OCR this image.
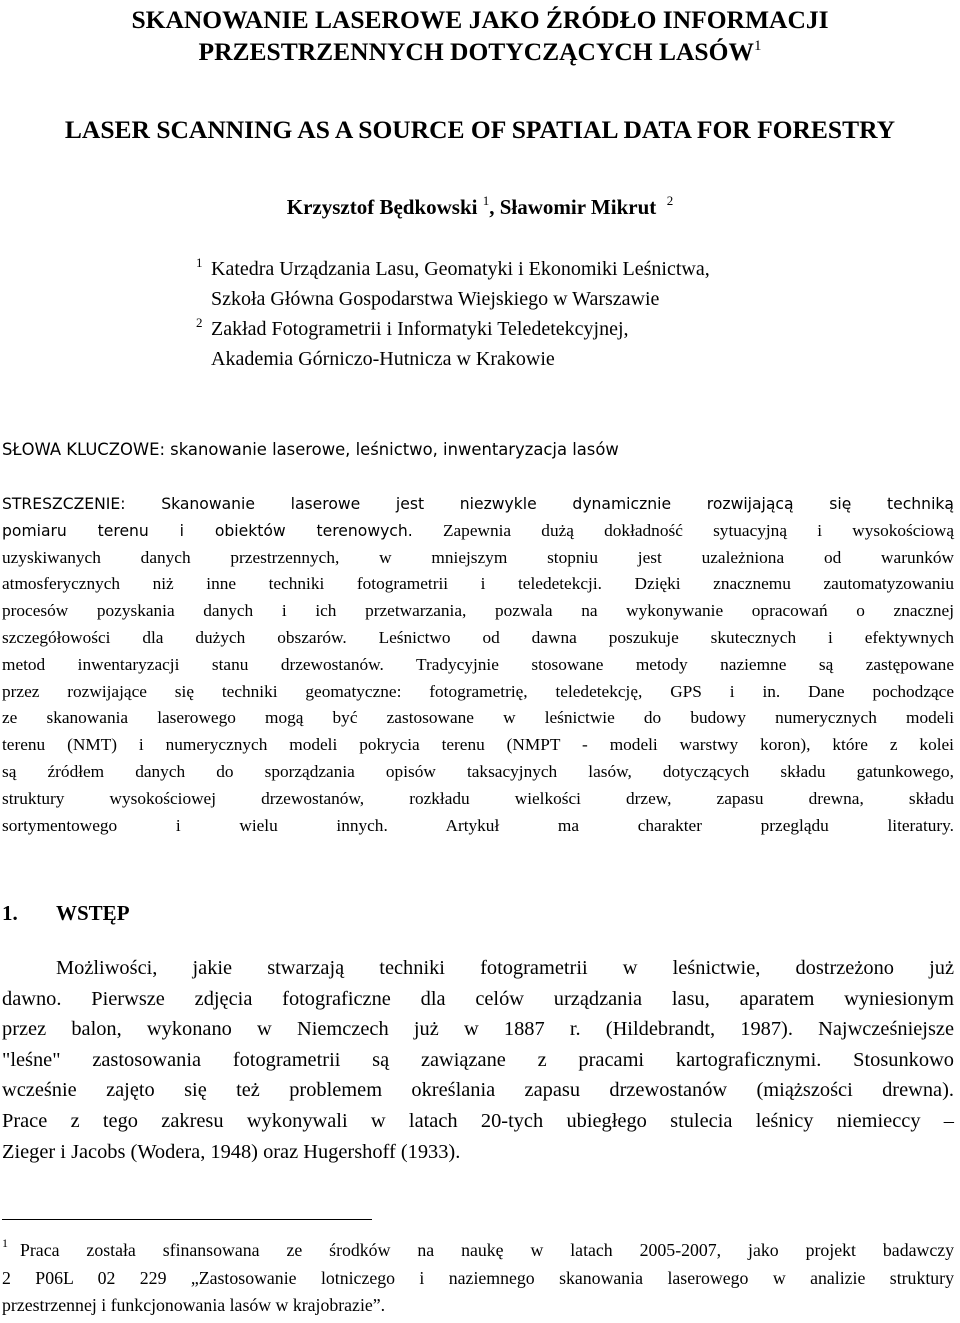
SKANOWANIE LASEROWE JAKO ŹRÓDŁO INFORMACJI
PRZESTRZENNYCH DOTYCZĄCYCH LASÓW$^1$
LASER SCANNING AS A SOURCE OF SPATIAL DATA FOR FORESTRY
Krzysztof Będkowski $^1$, Sławomir Mikrut $^2$
1 Katedra Urządzania Lasu, Geomatyki i Ekonomiki Leśnictwa,
Szkoła Główna Gospodarstwa Wiejskiego w Warszawie
2 Zakład Fotogrametrii i Informatyki Teledetekcyjnej,
Akademia Górniczo-Hutnicza w Krakowie
SŁOWA KLUCZOWE: skanowanie laserowe, leśnictwo, inwentaryzacja lasów
STRESZCZENIE: Skanowanie laserowe jest niezwykle dynamicznie rozwijającą się techniką
pomiaru terenu i obiektów terenowych. Zapewnia dużą dokładność sytuacyjną i wysokościową
uzyskiwanych danych przestrzennych, w mniejszym stopniu jest uzależniona od warunków
atmosferycznych niż inne techniki fotogrametrii i teledetekcji. Dzięki znacznemu zautomatyzowaniu
procesów pozyskania danych i ich przetwarzania, pozwala na wykonywanie opracowań o znacznej
szczegółowości dla dużych obszarów. Leśnictwo od dawna poszukuje skutecznych i efektywnych
metod inwentaryzacji stanu drzewostanów. Tradycyjnie stosowane metody naziemne są zastępowane
przez rozwijające się techniki geomatyczne: fotogrametrię, teledetekcję, GPS i in. Dane pochodzące
ze skanowania laserowego mogą być zastosowane w leśnictwie do budowy numerycznych modeli
terenu (NMT) i numerycznych modeli pokrycia terenu (NMPT - modeli warstwy koron), które z kolei
są źródłem danych do sporządzania opisów taksacyjnych lasów, dotyczących składu gatunkowego,
struktury wysokościowej drzewostanów, rozkładu wielkości drzew, zapasu drewna, składu
sortymentowego i wielu innych. Artykuł ma charakter przeglądu literatury.
1. WSTĘP
Możliwości, jakie stwarzają techniki fotogrametrii w leśnictwie, dostrzeżono już
dawno. Pierwsze zdjęcia fotograficzne dla celów urządzania lasu, aparatem wyniesionym
przez balon, wykonano w Niemczech już w 1887 r. (Hildebrandt, 1987). Najwcześniejsze
"leśne" zastosowania fotogrametrii są zawiązane z pracami kartograficznymi. Stosunkowo
wcześnie zajęto się też problemem określania zapasu drzewostanów (miąższości drewna).
Prace z tego zakresu wykonywali w latach 20-tych ubiegłego stulecia leśnicy niemieccy –
Zieger i Jacobs (Wodera, 1948) oraz Hugershoff (1933).
1 Praca została sfinansowana ze środków na naukę w latach 2005-2007, jako projekt badawczy
2 P06L 02 229 „Zastosowanie lotniczego i naziemnego skanowania laserowego w analizie struktury
przestrzennej i funkcjonowania lasów w krajobrazie”.
